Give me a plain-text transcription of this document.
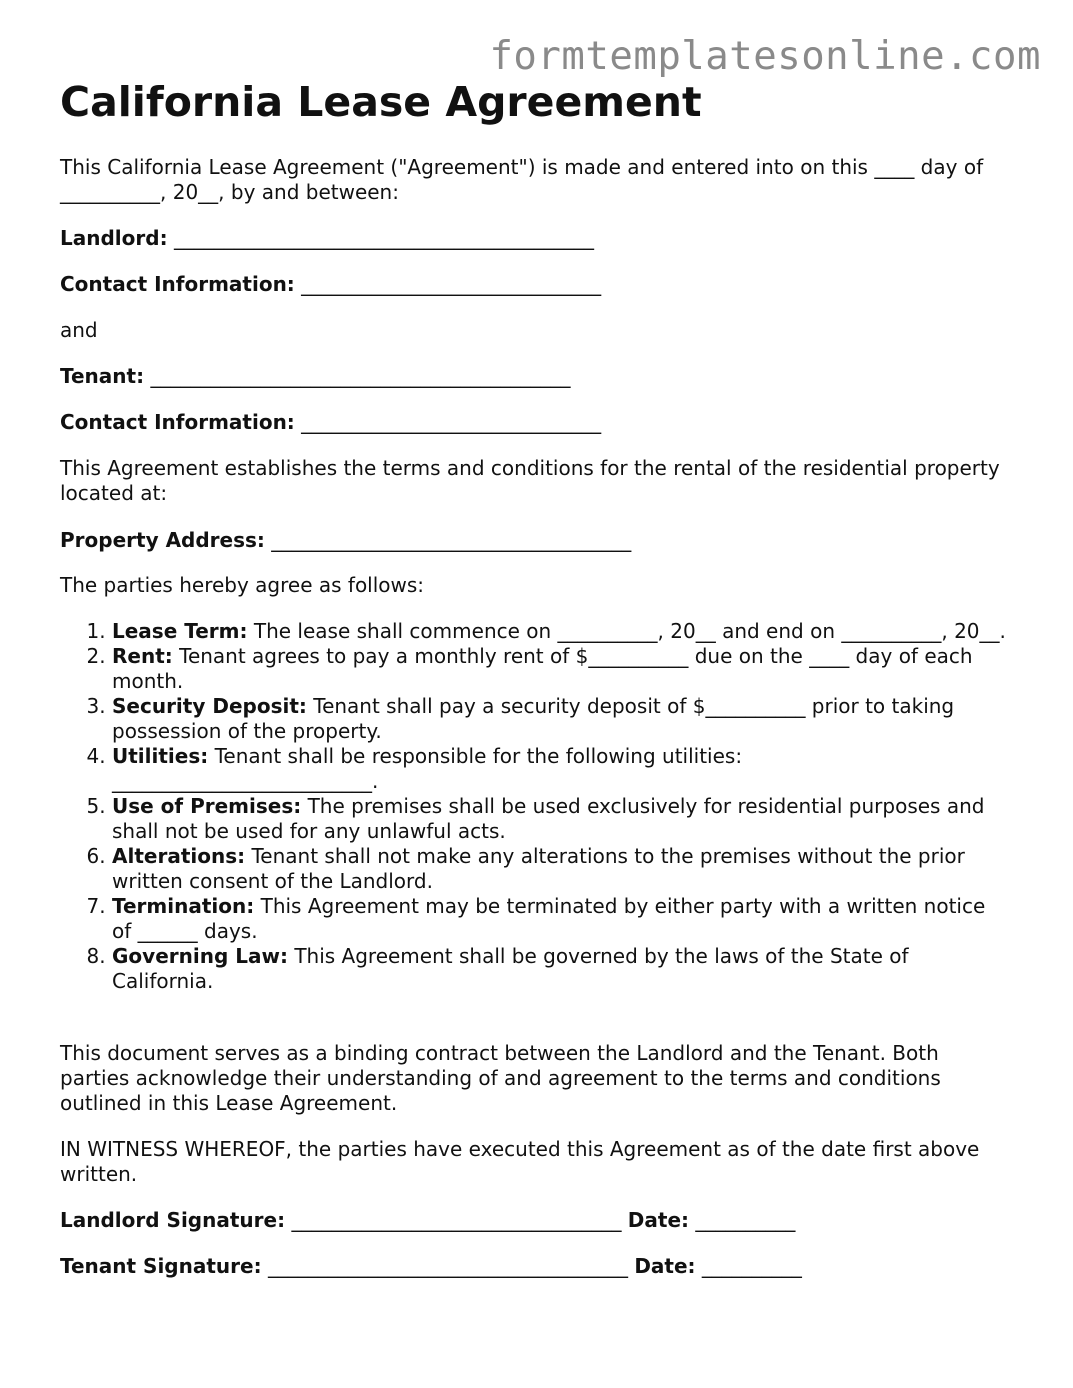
formtemplatesonline.com
California Lease Agreement

This California Lease Agreement ("Agreement") is made and entered into on this ____ day of __________, 20__, by and between:

Landlord: __________________________________________

Contact Information: ______________________________

and

Tenant: __________________________________________

Contact Information: ______________________________

This Agreement establishes the terms and conditions for the rental of the residential property located at:

Property Address: ____________________________________

The parties hereby agree as follows:

1. Lease Term: The lease shall commence on __________, 20__ and end on __________, 20__.
2. Rent: Tenant agrees to pay a monthly rent of $__________ due on the ____ day of each month.
3. Security Deposit: Tenant shall pay a security deposit of $__________ prior to taking possession of the property.
4. Utilities: Tenant shall be responsible for the following utilities: __________________________.
5. Use of Premises: The premises shall be used exclusively for residential purposes and shall not be used for any unlawful acts.
6. Alterations: Tenant shall not make any alterations to the premises without the prior written consent of the Landlord.
7. Termination: This Agreement may be terminated by either party with a written notice of ______ days.
8. Governing Law: This Agreement shall be governed by the laws of the State of California.

This document serves as a binding contract between the Landlord and the Tenant. Both parties acknowledge their understanding of and agreement to the terms and conditions outlined in this Lease Agreement.

IN WITNESS WHEREOF, the parties have executed this Agreement as of the date first above written.

Landlord Signature: _________________________________ Date: __________

Tenant Signature: ____________________________________ Date: __________
